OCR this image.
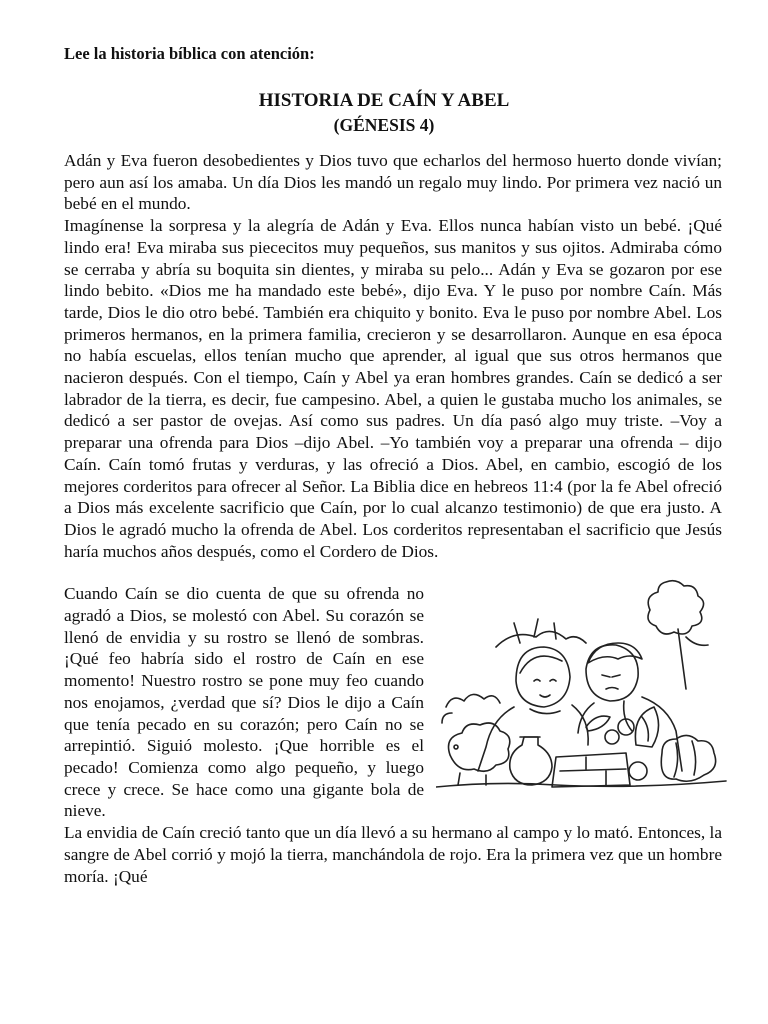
Lee la historia bíblica con atención:
HISTORIA DE CAÍN Y ABEL
(GÉNESIS 4)

Adán y Eva fueron desobedientes y Dios tuvo que echarlos del hermoso huerto donde vivían; pero aun así los amaba. Un día Dios les mandó un regalo muy lindo. Por primera vez nació un bebé en el mundo.

Imagínense la sorpresa y la alegría de Adán y Eva. Ellos nunca habían visto un bebé. ¡Qué lindo era! Eva miraba sus piececitos muy pequeños, sus manitos y sus ojitos. Admiraba cómo se cerraba y abría su boquita sin dientes, y miraba su pelo... Adán y Eva se gozaron por ese lindo bebito. «Dios me ha mandado este bebé», dijo Eva. Y le puso por nombre Caín. Más tarde, Dios le dio otro bebé. También era chiquito y bonito. Eva le puso por nombre Abel. Los primeros hermanos, en la primera familia, crecieron y se desarrollaron. Aunque en esa época no había escuelas, ellos tenían mucho que aprender, al igual que sus otros hermanos que nacieron después. Con el tiempo, Caín y Abel ya eran hombres grandes. Caín se dedicó a ser labrador de la tierra, es decir, fue campesino. Abel, a quien le gustaba mucho los animales, se dedicó a ser pastor de ovejas. Así como sus padres. Un día pasó algo muy triste. –Voy a preparar una ofrenda para Dios –dijo Abel. –Yo también voy a preparar una ofrenda – dijo Caín. Caín tomó frutas y verduras, y las ofreció a Dios. Abel, en cambio, escogió de los mejores corderitos para ofrecer al Señor. La Biblia dice en hebreos 11:4 (por la fe Abel ofreció a Dios más excelente sacrificio que Caín, por lo cual alcanzo testimonio) de que era justo. A Dios le agradó mucho la ofrenda de Abel. Los corderitos representaban el sacrificio que Jesús haría muchos años después, como el Cordero de Dios.

Cuando Caín se dio cuenta de que su ofrenda no agradó a Dios, se molestó con Abel. Su corazón se llenó de envidia y su rostro se llenó de sombras. ¡Qué feo habría sido el rostro de Caín en ese momento! Nuestro rostro se pone muy feo cuando nos enojamos, ¿verdad que sí? Dios le dijo a Caín que tenía pecado en su corazón; pero Caín no se arrepintió. Siguió molesto. ¡Que horrible es el pecado! Comienza como algo pequeño, y luego crece y crece. Se hace como una gigante bola de nieve.

La envidia de Caín creció tanto que un día llevó a su hermano al campo y lo mató. Entonces, la sangre de Abel corrió y mojó la tierra, manchándola de rojo. Era la primera vez que un hombre moría. ¡Qué
